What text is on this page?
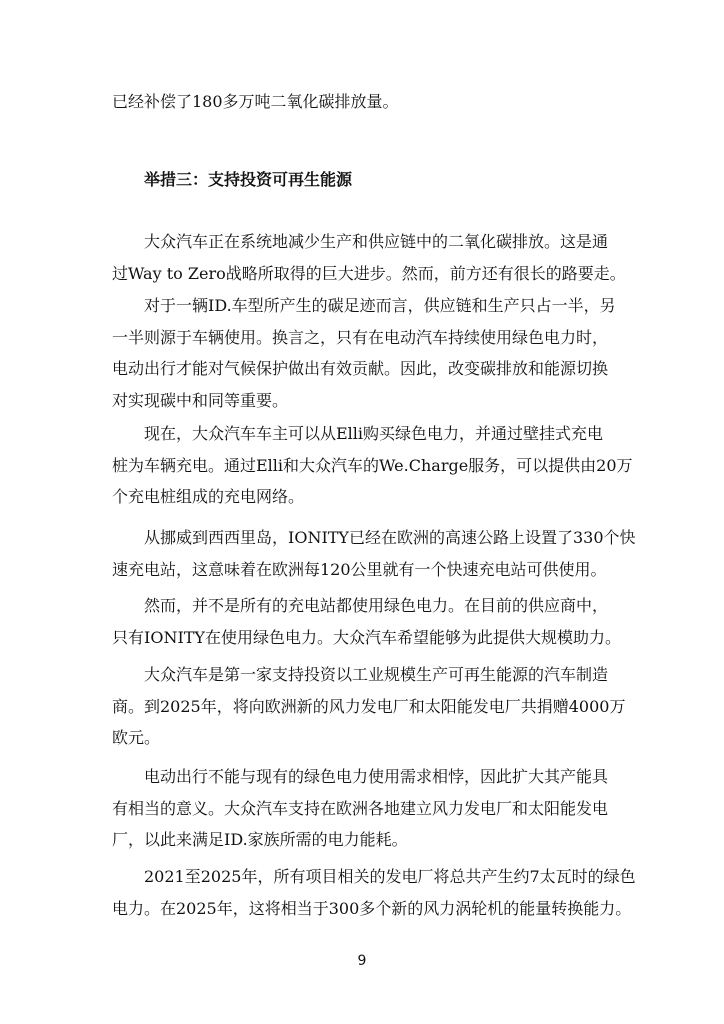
已经补偿了180多万吨二氧化碳排放量。
举措三：支持投资可再生能源
大众汽车正在系统地减少生产和供应链中的二氧化碳排放。这是通
过Way to Zero战略所取得的巨大进步。然而，前方还有很长的路要走。
对于一辆ID.车型所产生的碳足迹而言，供应链和生产只占一半，另
一半则源于车辆使用。换言之，只有在电动汽车持续使用绿色电力时，
电动出行才能对气候保护做出有效贡献。因此，改变碳排放和能源切换
对实现碳中和同等重要。
现在，大众汽车车主可以从Elli购买绿色电力，并通过壁挂式充电
桩为车辆充电。通过Elli和大众汽车的We.Charge服务，可以提供由20万
个充电桩组成的充电网络。
从挪威到西西里岛，IONITY已经在欧洲的高速公路上设置了330个快
速充电站，这意味着在欧洲每120公里就有一个快速充电站可供使用。
然而，并不是所有的充电站都使用绿色电力。在目前的供应商中，
只有IONITY在使用绿色电力。大众汽车希望能够为此提供大规模助力。
大众汽车是第一家支持投资以工业规模生产可再生能源的汽车制造
商。到2025年，将向欧洲新的风力发电厂和太阳能发电厂共捐赠4000万
欧元。
电动出行不能与现有的绿色电力使用需求相悖，因此扩大其产能具
有相当的意义。大众汽车支持在欧洲各地建立风力发电厂和太阳能发电
厂，以此来满足ID.家族所需的电力能耗。
2021至2025年，所有项目相关的发电厂将总共产生约7太瓦时的绿色
电力。在2025年，这将相当于300多个新的风力涡轮机的能量转换能力。
9
